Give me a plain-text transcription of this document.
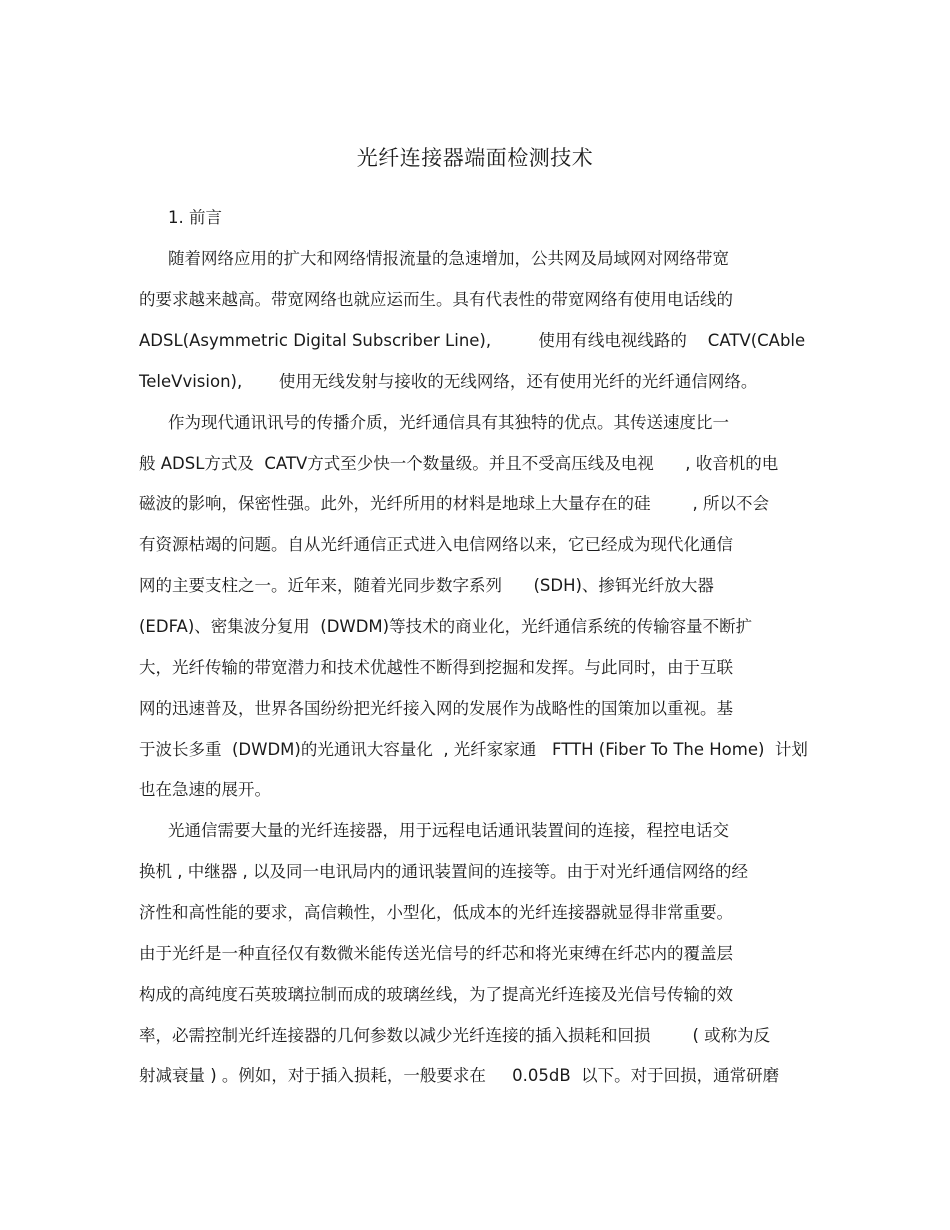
光纤连接器端面检测技术
1. 前言
随着网络应用的扩大和网络情报流量的急速增加，公共网及局域网对网络带宽
的要求越来越高。带宽网络也就应运而生。具有代表性的带宽网络有使用电话线的
ADSL(Asymmetric Digital Subscriber Line),         使用有线电视线路的    CATV(CAble
TeleVvision),       使用无线发射与接收的无线网络，还有使用光纤的光纤通信网络。
作为现代通讯讯号的传播介质，光纤通信具有其独特的优点。其传送速度比一
般 ADSL方式及  CATV方式至少快一个数量级。并且不受高压线及电视      , 收音机的电
磁波的影响，保密性强。此外，光纤所用的材料是地球上大量存在的硅        , 所以不会
有资源枯竭的问题。自从光纤通信正式进入电信网络以来，它已经成为现代化通信
网的主要支柱之一。近年来，随着光同步数字系列      (SDH)、掺铒光纤放大器
(EDFA)、密集波分复用  (DWDM)等技术的商业化，光纤通信系统的传输容量不断扩
大，光纤传输的带宽潜力和技术优越性不断得到挖掘和发挥。与此同时，由于互联
网的迅速普及，世界各国纷纷把光纤接入网的发展作为战略性的国策加以重视。基
于波长多重  (DWDM)的光通讯大容量化  , 光纤家家通   FTTH (Fiber To The Home)  计划
也在急速的展开。
光通信需要大量的光纤连接器，用于远程电话通讯装置间的连接，程控电话交
换机 , 中继器 , 以及同一电讯局内的通讯装置间的连接等。由于对光纤通信网络的经
济性和高性能的要求，高信赖性，小型化，低成本的光纤连接器就显得非常重要。
由于光纤是一种直径仅有数微米能传送光信号的纤芯和将光束缚在纤芯内的覆盖层
构成的高纯度石英玻璃拉制而成的玻璃丝线，为了提高光纤连接及光信号传输的效
率，必需控制光纤连接器的几何参数以减少光纤连接的插入损耗和回损        ( 或称为反
射减衰量 ) 。例如，对于插入损耗，一般要求在     0.05dB  以下。对于回损，通常研磨
